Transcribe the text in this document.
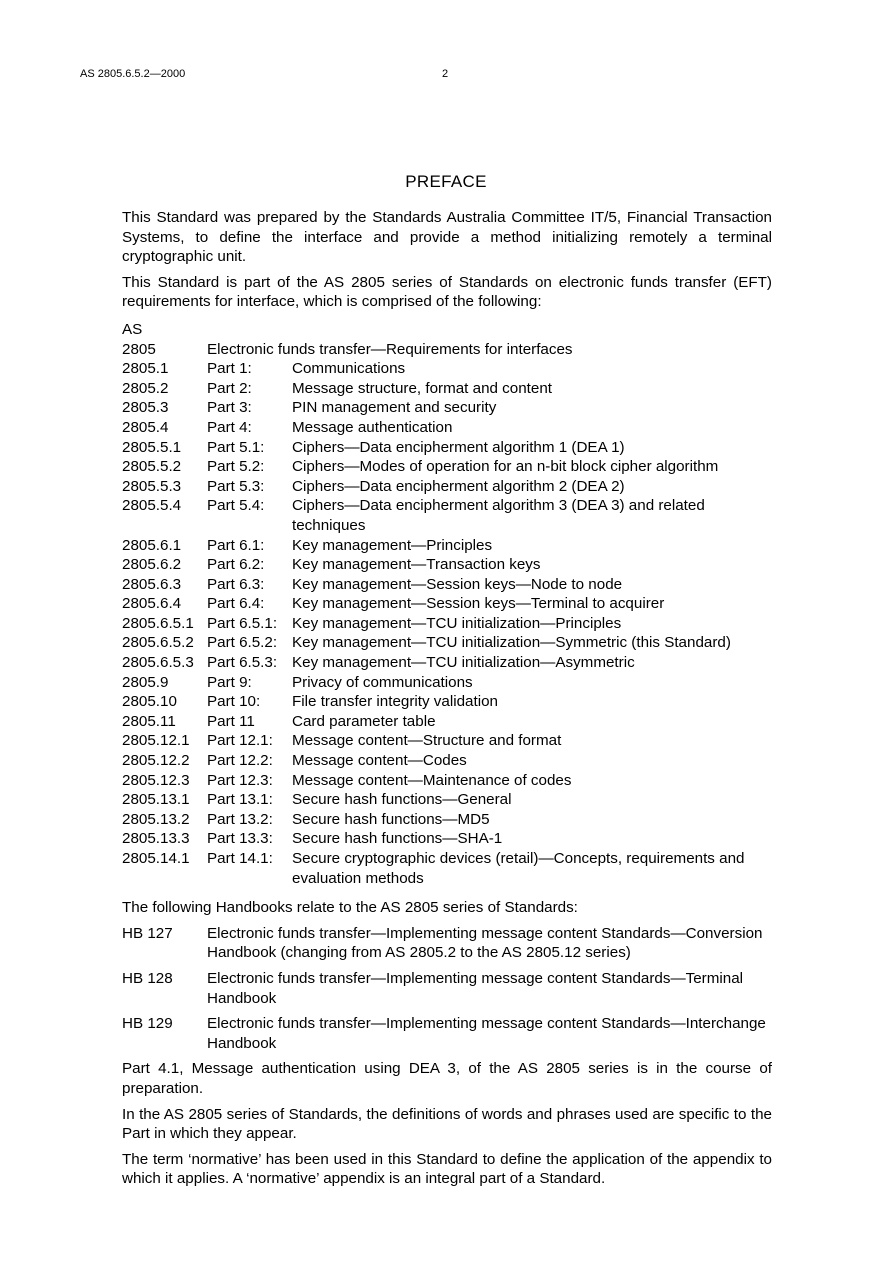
AS 2805.6.5.2—2000	2
PREFACE

This Standard was prepared by the Standards Australia Committee IT/5, Financial Transaction Systems, to define the interface and provide a method initializing remotely a terminal cryptographic unit.

This Standard is part of the AS 2805 series of Standards on electronic funds transfer (EFT) requirements for interface, which is comprised of the following:

AS
2805	Electronic funds transfer—Requirements for interfaces
2805.1	Part 1:	Communications
2805.2	Part 2:	Message structure, format and content
2805.3	Part 3:	PIN management and security
2805.4	Part 4:	Message authentication
2805.5.1	Part 5.1:	Ciphers—Data encipherment algorithm 1 (DEA 1)
2805.5.2	Part 5.2:	Ciphers—Modes of operation for an n-bit block cipher algorithm
2805.5.3	Part 5.3:	Ciphers—Data encipherment algorithm 2 (DEA 2)
2805.5.4	Part 5.4:	Ciphers—Data encipherment algorithm 3 (DEA 3) and related techniques
2805.6.1	Part 6.1:	Key management—Principles
2805.6.2	Part 6.2:	Key management—Transaction keys
2805.6.3	Part 6.3:	Key management—Session keys—Node to node
2805.6.4	Part 6.4:	Key management—Session keys—Terminal to acquirer
2805.6.5.1 Part 6.5.1: Key management—TCU initialization—Principles
2805.6.5.2 Part 6.5.2: Key management—TCU initialization—Symmetric (this Standard)
2805.6.5.3 Part 6.5.3: Key management—TCU initialization—Asymmetric
2805.9	Part 9:	Privacy of communications
2805.10	Part 10:	File transfer integrity validation
2805.11	Part 11	Card parameter table
2805.12.1	Part 12.1:	Message content—Structure and format
2805.12.2	Part 12.2:	Message content—Codes
2805.12.3	Part 12.3:	Message content—Maintenance of codes
2805.13.1	Part 13.1:	Secure hash functions—General
2805.13.2	Part 13.2:	Secure hash functions—MD5
2805.13.3	Part 13.3:	Secure hash functions—SHA-1
2805.14.1	Part 14.1:	Secure cryptographic devices (retail)—Concepts, requirements and evaluation methods

The following Handbooks relate to the AS 2805 series of Standards:

HB 127	Electronic funds transfer—Implementing message content Standards—Conversion Handbook (changing from AS 2805.2 to the AS 2805.12 series)
HB 128	Electronic funds transfer—Implementing message content Standards—Terminal Handbook
HB 129	Electronic funds transfer—Implementing message content Standards—Interchange Handbook

Part 4.1, Message authentication using DEA 3, of the AS 2805 series is in the course of preparation.

In the AS 2805 series of Standards, the definitions of words and phrases used are specific to the Part in which they appear.

The term ‘normative’ has been used in this Standard to define the application of the appendix to which it applies. A ‘normative’ appendix is an integral part of a Standard.
